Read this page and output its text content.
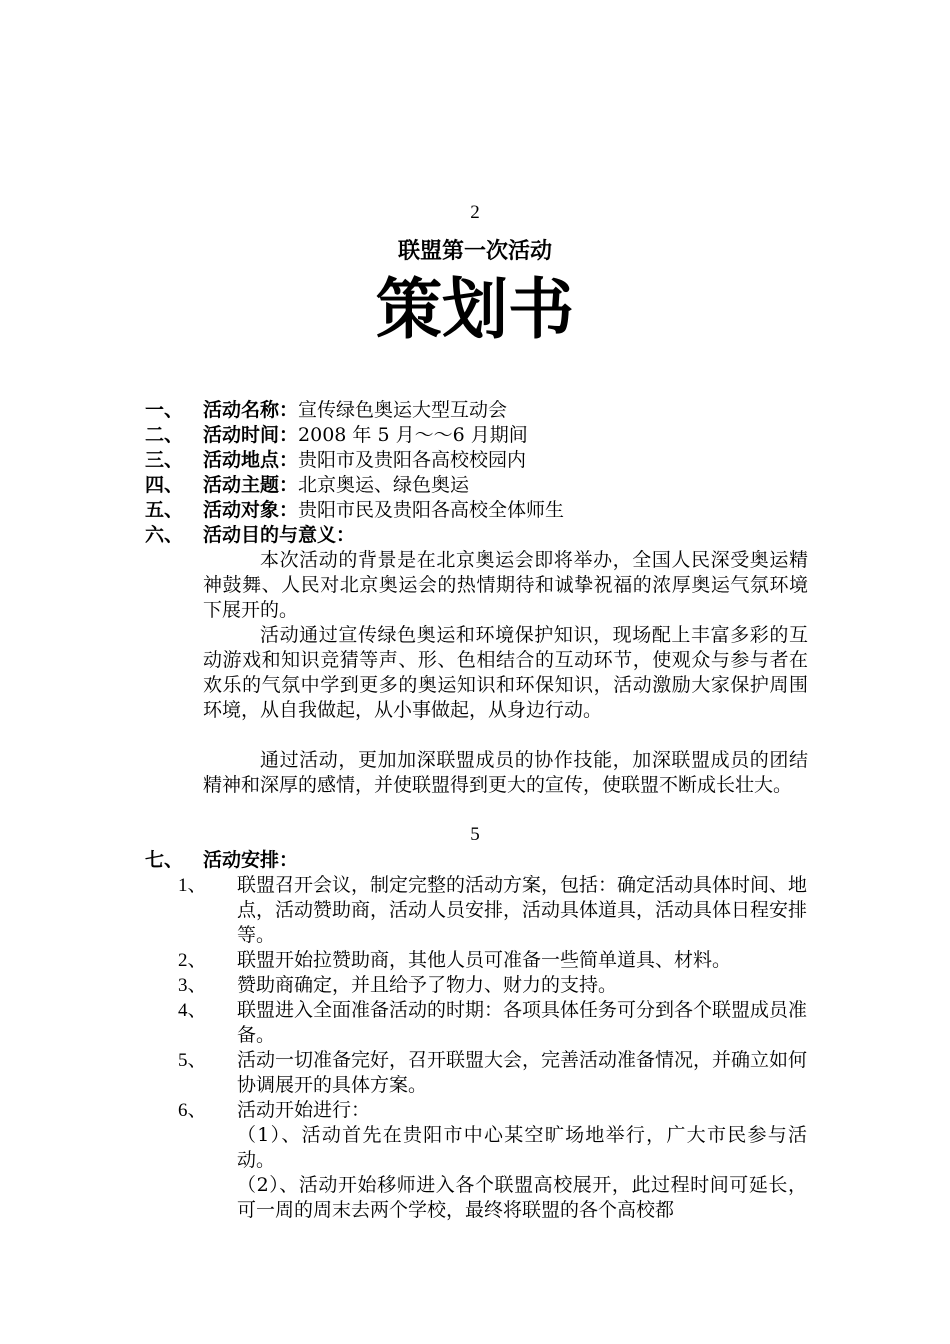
2
联盟第一次活动
策划书
一、 活动名称：宣传绿色奥运大型互动会
二、 活动时间：2008 年 5 月～～6 月期间
三、 活动地点：贵阳市及贵阳各高校校园内
四、 活动主题：北京奥运、绿色奥运
五、 活动对象：贵阳市民及贵阳各高校全体师生
六、 活动目的与意义：
本次活动的背景是在北京奥运会即将举办，全国人民深受奥运精神鼓舞、人民对北京奥运会的热情期待和诚挚祝福的浓厚奥运气氛环境下展开的。
活动通过宣传绿色奥运和环境保护知识，现场配上丰富多彩的互动游戏和知识竞猜等声、形、色相结合的互动环节，使观众与参与者在欢乐的气氛中学到更多的奥运知识和环保知识，活动激励大家保护周围环境，从自我做起，从小事做起，从身边行动。
通过活动，更加加深联盟成员的协作技能，加深联盟成员的团结精神和深厚的感情，并使联盟得到更大的宣传，使联盟不断成长壮大。
5
七、 活动安排：
1、 联盟召开会议，制定完整的活动方案，包括：确定活动具体时间、地点，活动赞助商，活动人员安排，活动具体道具，活动具体日程安排等。
2、 联盟开始拉赞助商，其他人员可准备一些简单道具、材料。
3、 赞助商确定，并且给予了物力、财力的支持。
4、 联盟进入全面准备活动的时期：各项具体任务可分到各个联盟成员准备。
5、 活动一切准备完好，召开联盟大会，完善活动准备情况，并确立如何协调展开的具体方案。
6、 活动开始进行：
（1）、活动首先在贵阳市中心某空旷场地举行，广大市民参与活动。
（2）、活动开始移师进入各个联盟高校展开，此过程时间可延长，可一周的周末去两个学校，最终将联盟的各个高校都
